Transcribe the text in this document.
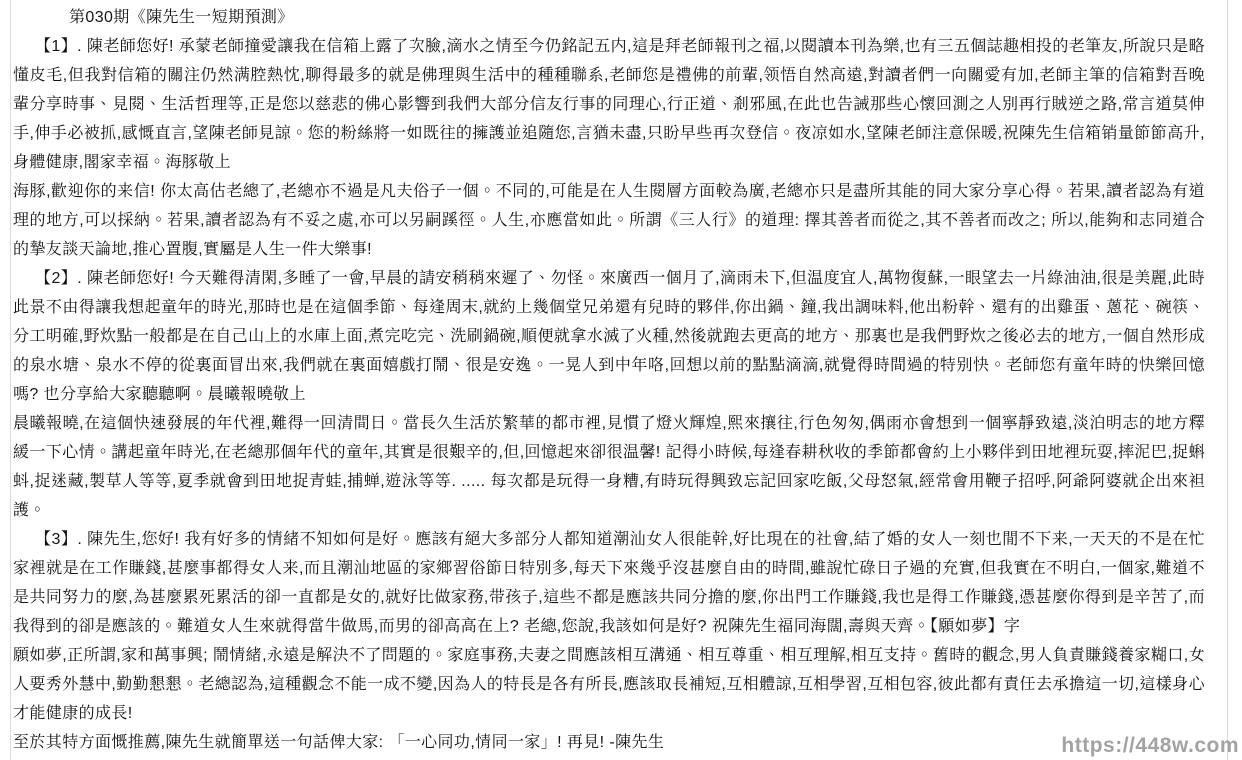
第030期《陳先生一短期預測》

【1】. 陳老師您好! 承蒙老師撞愛讓我在信箱上露了次臉,滴水之情至今仍銘記五内,這是拜老師報刊之福,以閱讀本刊為樂,也有三五個誌趣相投的老筆友,所說只是略懂皮毛,但我對信箱的關注仍然满腔熱忱,聊得最多的就是佛理與生活中的種種聯系,老師您是禮佛的前輩,领悟自然高遠,對讀者們一向關愛有加,老師主筆的信箱對吾晚輩分享時事、見閱、生活哲理等,正是您以慈悲的佛心影響到我們大部分信友行事的同理心,行正道、剎邪風,在此也告誡那些心懷回測之人別再行賊逆之路,常言道莫伸手,伸手必被抓,感慨直言,望陳老師見諒。您的粉絲將一如既往的擁護並追隨您,言猶未盡,只盼早些再次登信。夜凉如水,望陳老師注意保暖,祝陳先生信箱销量節節高升,身體健康,閣家幸福。海豚敬上

海豚,歡迎你的来信! 你太高估老總了,老總亦不過是凡夫俗子一個。不同的,可能是在人生閱層方面較為廣,老總亦只是盡所其能的同大家分享心得。若果,讀者認為有道理的地方,可以採納。若果,讀者認為有不妥之處,亦可以另嗣蹊徑。人生,亦應當如此。所謂《三人行》的道理: 擇其善者而從之,其不善者而改之; 所以,能夠和志同道合的摯友談天論地,推心置腹,實屬是人生一件大樂事!

【2】. 陳老師您好! 今天難得清閑,多睡了一會,早晨的請安稍稍來遲了、勿怪。來廣西一個月了,滴雨未下,但温度宜人,萬物復蘇,一眼望去一片綠油油,很是美麗,此時此景不由得讓我想起童年的時光,那時也是在這個季節、每逢周末,就約上幾個堂兄弟還有兒時的夥伴,你出鍋、鐘,我出調味料,他出粉幹、還有的出雞蛋、蔥花、碗筷、分工明確,野炊點一般都是在自己山上的水庫上面,煮完吃完、洗刷鍋碗,順便就拿水滅了火種,然後就跑去更高的地方、那裏也是我們野炊之後必去的地方,一個自然形成的泉水塘、泉水不停的從裏面冒出來,我們就在裏面嬉戲打鬧、很是安逸。一晃人到中年咯,回想以前的點點滴滴,就覺得時間過的特别快。老師您有童年時的快樂回憶嗎? 也分享給大家聽聽啊。晨曦報曉敬上

晨曦報曉,在這個快速發展的年代裡,難得一回清間日。當長久生活於繁華的都市裡,見慣了燈火輝煌,熙來攘往,行色匆匆,偶雨亦會想到一個寧靜致遠,淡泊明志的地方釋緩一下心情。講起童年時光,在老總那個年代的童年,其實是很艱辛的,但,回憶起來卻很温馨! 記得小時候,每逢春耕秋收的季節都會約上小夥伴到田地裡玩耍,摔泥巴,捉蝌蚪,捉迷藏,製草人等等,夏季就會到田地捉青蛙,捕蝉,遊泳等等. ..... 每次都是玩得一身糟,有時玩得興致忘記回家吃飯,父母怒氣,經常會用鞭子招呼,阿爺阿婆就企出來袒護。

【3】. 陳先生,您好! 我有好多的情緒不知如何是好。應該有絕大多部分人都知道潮汕女人很能幹,好比現在的社會,結了婚的女人一刻也閒不下来,一天天的不是在忙家裡就是在工作賺錢,甚麼事都得女人来,而且潮汕地區的家鄉習俗節日特別多,每天下來幾乎沒甚麼自由的時間,雖說忙碌日子過的充實,但我實在不明白,一個家,難道不是共同努力的麼,為甚麼累死累活的卻一直都是女的,就好比做家務,带孩子,這些不都是應該共同分擔的麼,你出門工作賺錢,我也是得工作賺錢,憑甚麼你得到是辛苦了,而我得到的卻是應該的。難道女人生來就得當牛做馬,而男的卻高高在上? 老總,您說,我該如何是好? 祝陳先生福同海闊,壽與天齊。【願如夢】字

願如夢,正所謂,家和萬事興; 鬧情緒,永遠是解決不了問題的。家庭事務,夫妻之間應該相互溝通、相互尊重、相互理解,相互支持。舊時的觀念,男人負責賺錢養家糊口,女人要秀外慧中,勤勤懇懇。老總認為,這種觀念不能一成不變,因為人的特長是各有所長,應該取長補短,互相體諒,互相學習,互相包容,彼此都有責任去承擔這一切,這樣身心才能健康的成長!

至於其特方面慨推薦,陳先生就簡單送一句話俾大家: 「一心同功,情同一家」! 再見! -陳先生	https://448w.com
